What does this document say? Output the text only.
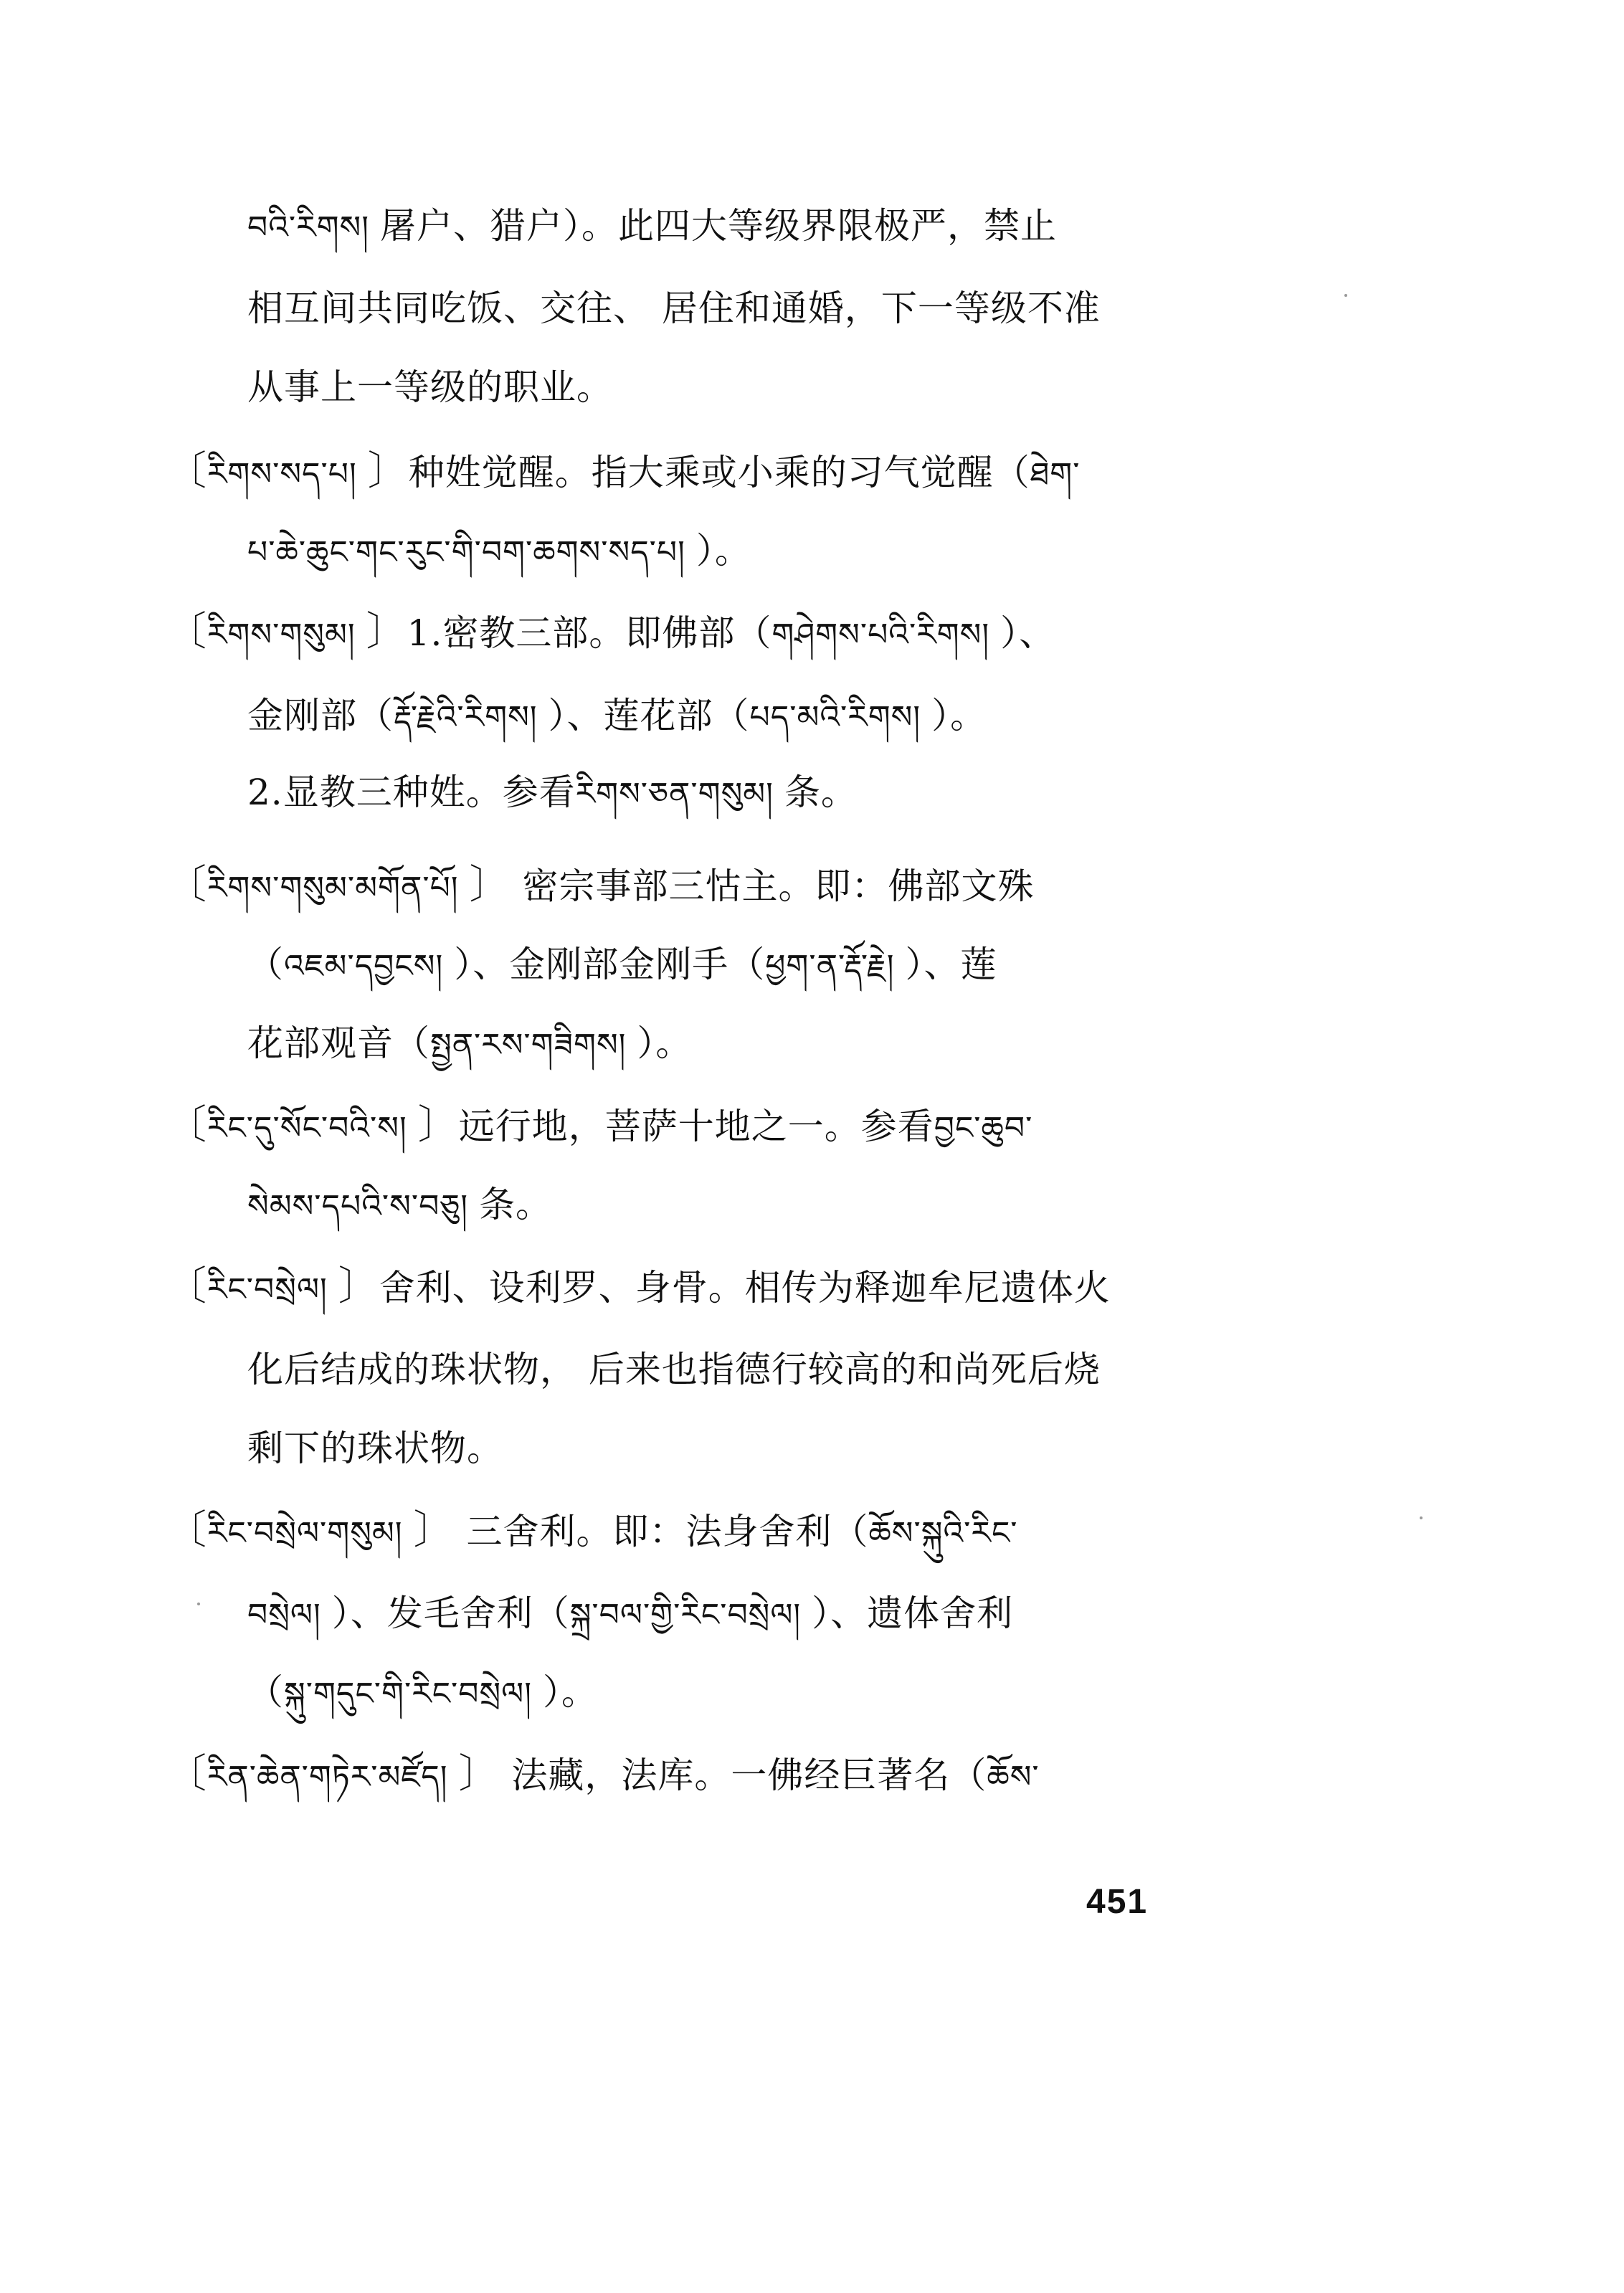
བའི་རིགས། 屠户、猎户）。此四大等级界限极严，禁止
相互间共同吃饭、交往、 居住和通婚，下一等级不准
从事上一等级的职业。
〔རིགས་སད་པ། 〕种姓觉醒。指大乘或小乘的习气觉醒（ཐེག་
པ་ཆེ་ཆུང་གང་རུང་གི་བག་ཆགས་སད་པ། ）。
〔རིགས་གསུམ། 〕1.密教三部。即佛部（གཤེགས་པའི་རིགས། ）、
金刚部（རྡོ་རྗེའི་རིགས། ）、莲花部（པད་མའི་རིགས། ）。
2.显教三种姓。参看རིགས་ཅན་གསུམ། 条。
〔རིགས་གསུམ་མགོན་པོ། 〕 密宗事部三怙主。即：佛部文殊
（འཇམ་དབྱངས། ）、金刚部金刚手（ཕྱག་ན་རྡོ་རྗེ། ）、莲
花部观音（སྤྱན་རས་གཟིགས། ）。
〔རིང་དུ་སོང་བའི་ས། 〕远行地，菩萨十地之一。参看བྱང་ཆུབ་
སེམས་དཔའི་ས་བཅུ། 条。
〔རིང་བསྲེལ། 〕舍利、设利罗、身骨。相传为释迦牟尼遗体火
化后结成的珠状物， 后来也指德行较高的和尚死后烧
剩下的珠状物。
〔རིང་བསྲེལ་གསུམ། 〕 三舍利。即：法身舍利（ཆོས་སྐུའི་རིང་
བསྲེལ། ）、发毛舍利（སྐྲ་བལ་གྱི་རིང་བསྲེལ། ）、遗体舍利
（སྐུ་གདུང་གི་རིང་བསྲེལ། ）。
〔རིན་ཆེན་གཏེར་མཛོད། 〕 法藏，法库。一佛经巨著名（ཆོས་
451
